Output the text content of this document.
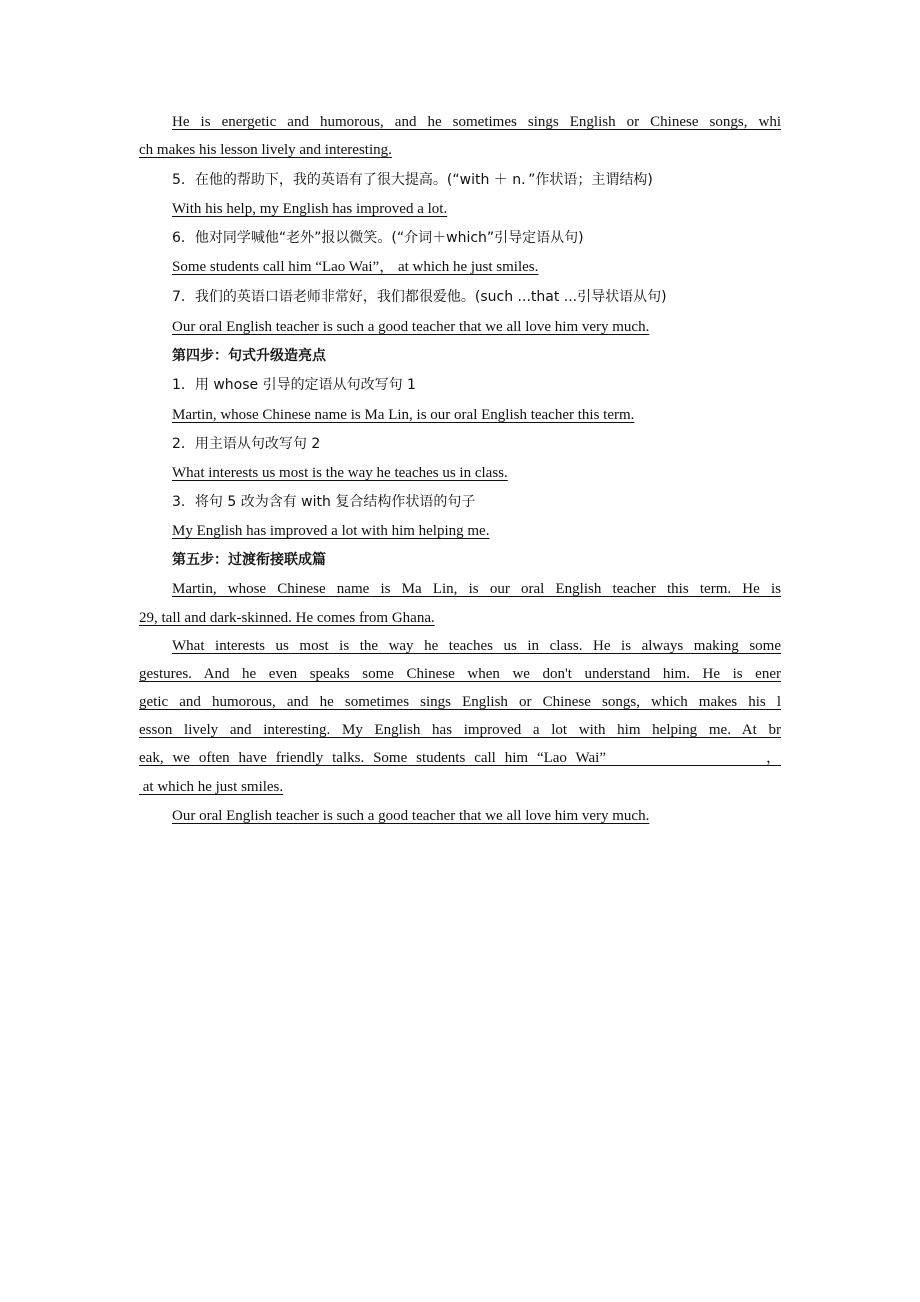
He is energetic and humorous, and he sometimes sings English or Chinese songs, whi
ch makes his lesson lively and interesting.
5．在他的帮助下，我的英语有了很大提高。(“with ＋ n．”作状语；主谓结构)
With his help, my English has improved a lot.
6．他对同学喊他“老外”报以微笑。(“介词＋which”引导定语从句)
Some students call him “Lao Wai”， at which he just smiles.
7．我们的英语口语老师非常好，我们都很爱他。(such ...that ...引导状语从句)
Our oral English teacher is such a good teacher that we all love him very much.
第四步：句式升级造亮点
1．用 whose 引导的定语从句改写句 1
Martin, whose Chinese name is Ma Lin, is our oral English teacher this term.
2．用主语从句改写句 2
What interests us most is the way he teaches us in class.
3．将句 5 改为含有 with 复合结构作状语的句子
My English has improved a lot with him helping me.
第五步：过渡衔接联成篇
Martin, whose Chinese name is Ma Lin, is our oral English teacher this term. He is
29, tall and dark-skinned. He comes from Ghana.
What interests us most is the way he teaches us in class. He is always making some
gestures. And he even speaks some Chinese when we don't understand him. He is ener
getic and humorous, and he sometimes sings English or Chinese songs, which makes his l
esson lively and interesting. My English has improved a lot with him helping me. At br
eak, we often have friendly talks. Some students call him “Lao Wai”                  ，
at which he just smiles.
Our oral English teacher is such a good teacher that we all love him very much.
